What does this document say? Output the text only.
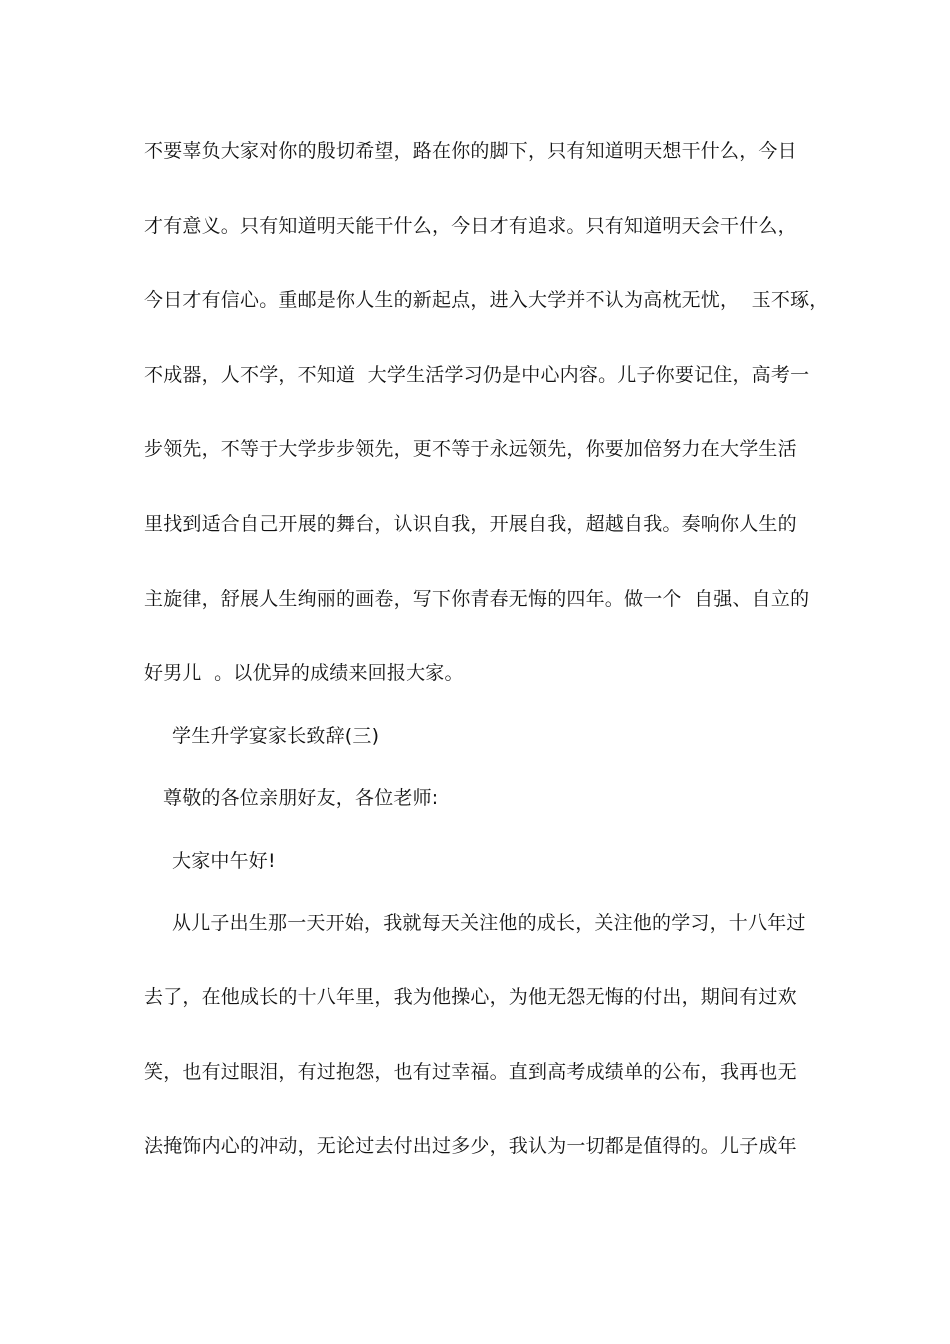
不要辜负大家对你的殷切希望，路在你的脚下，只有知道明天想干什么，今日
才有意义。只有知道明天能干什么，今日才有追求。只有知道明天会干什么，
今日才有信心。重邮是你人生的新起点，进入大学并不认为高枕无忧，  玉不琢，
不成器，人不学，不知道  大学生活学习仍是中心内容。儿子你要记住，高考一
步领先，不等于大学步步领先，更不等于永远领先，你要加倍努力在大学生活
里找到适合自己开展的舞台，认识自我，开展自我，超越自我。奏响你人生的
主旋律，舒展人生绚丽的画卷，写下你青春无悔的四年。做一个  自强、自立的
好男儿  。以优异的成绩来回报大家。
学生升学宴家长致辞(三)
尊敬的各位亲朋好友，各位老师:
大家中午好!
从儿子出生那一天开始，我就每天关注他的成长，关注他的学习，十八年过
去了，在他成长的十八年里，我为他操心，为他无怨无悔的付出，期间有过欢
笑，也有过眼泪，有过抱怨，也有过幸福。直到高考成绩单的公布，我再也无
法掩饰内心的冲动，无论过去付出过多少，我认为一切都是值得的。儿子成年
